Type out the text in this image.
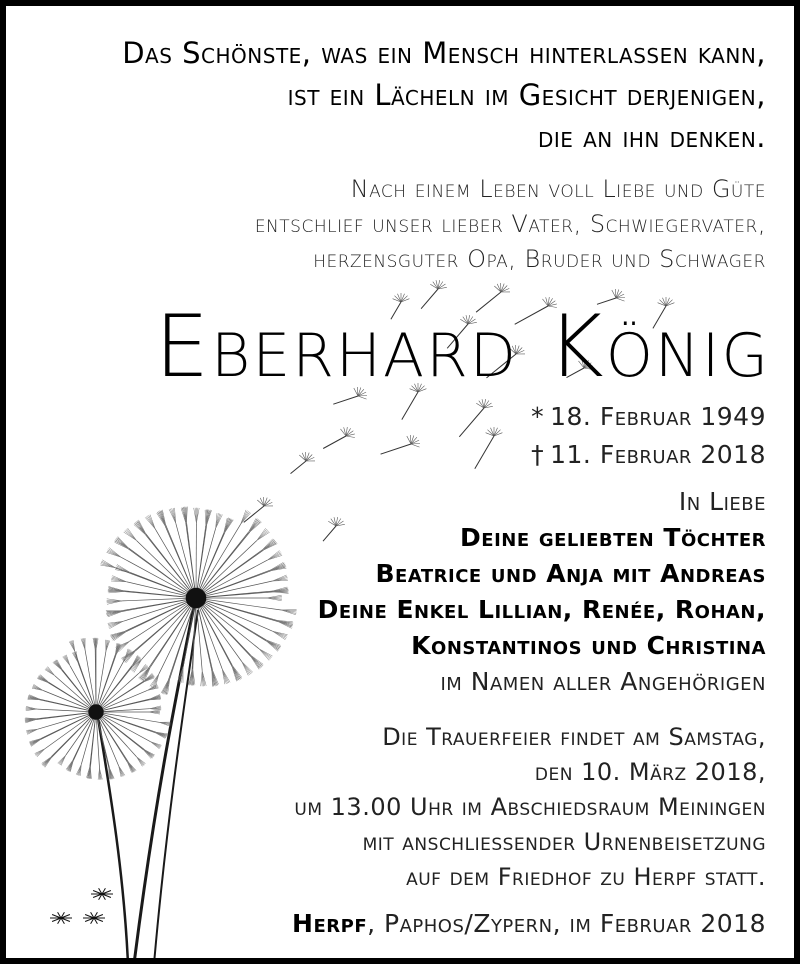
Das Schönste, was ein Mensch hinterlassen kann,
ist ein Lächeln im Gesicht derjenigen,
die an ihn denken.
Nach einem Leben voll Liebe und Güte
entschlief unser lieber Vater, Schwiegervater,
herzensguter Opa, Bruder und Schwager
Eberhard König
* 18. Februar 1949
† 11. Februar 2018
In Liebe
Deine geliebten Töchter
Beatrice und Anja mit Andreas
Deine Enkel Lillian, Renée, Rohan,
Konstantinos und Christina
im Namen aller Angehörigen
Die Trauerfeier findet am Samstag,
den 10. März 2018,
um 13.00 Uhr im Abschiedsraum Meiningen
mit anschliessender Urnenbeisetzung
auf dem Friedhof zu Herpf statt.
Herpf, Paphos/Zypern, im Februar 2018
